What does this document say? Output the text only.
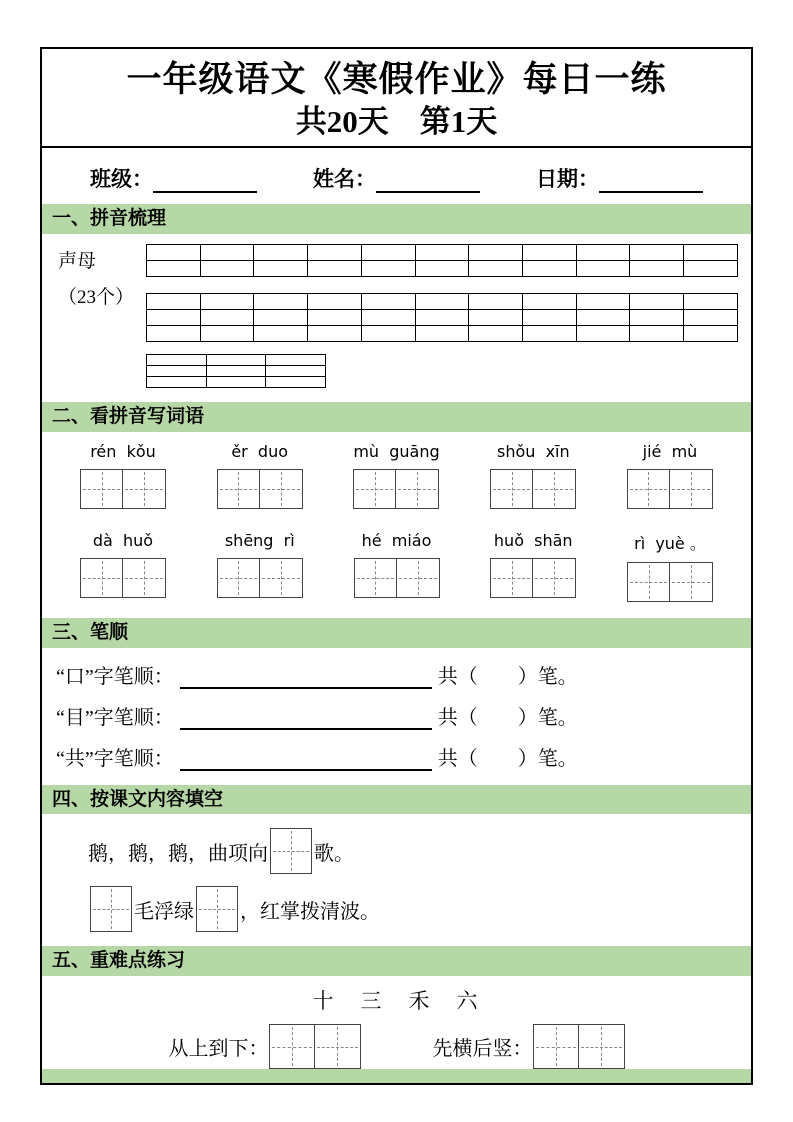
一年级语文《寒假作业》每日一练
共20天　第1天
班级：	姓名：	日期：
一、拼音梳理
声母
（23个）

二、看拼音写词语
rén  kǒu	ěr  duo	mù  guāng	shǒu  xīn	jié  mù
dà  huǒ	shēng  rì	hé  miáo	huǒ  shān	rì  yuè 。
三、笔顺
“口”字笔顺：	共（　　）笔。
“目”字笔顺：	共（　　）笔。
“共”字笔顺：	共（　　）笔。
四、按课文内容填空
鹅，鹅，鹅，曲项向 歌。
毛浮绿 ，红掌拨清波。
五、重难点练习
十　三　禾　六
从上到下：	先横后竖：
